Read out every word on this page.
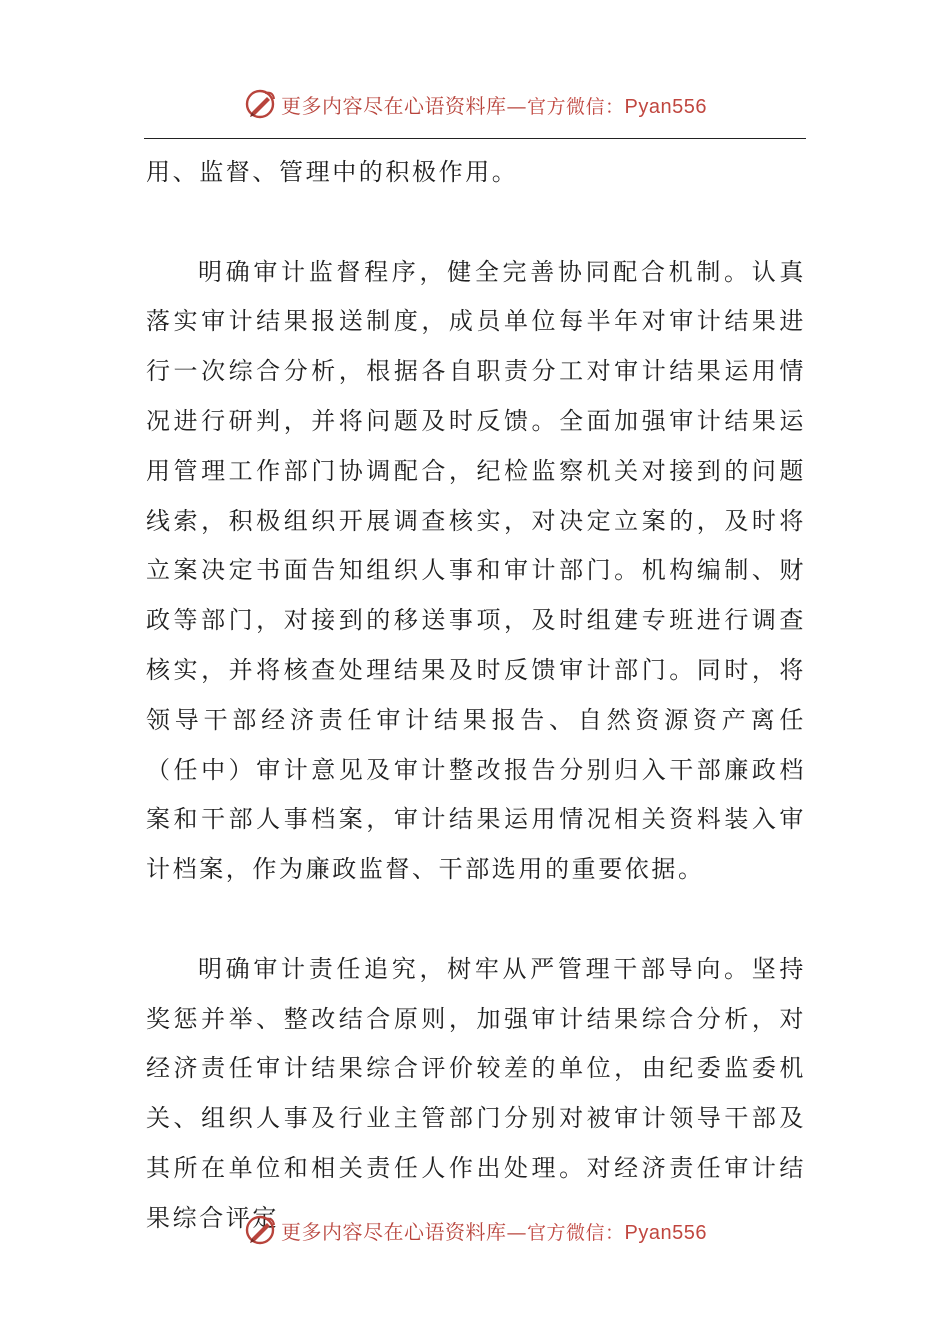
更多内容尽在心语资料库—官方微信：Pyan556

用、监督、管理中的积极作用。

明确审计监督程序，健全完善协同配合机制。认真落实审计结果报送制度，成员单位每半年对审计结果进行一次综合分析，根据各自职责分工对审计结果运用情况进行研判，并将问题及时反馈。全面加强审计结果运用管理工作部门协调配合，纪检监察机关对接到的问题线索，积极组织开展调查核实，对决定立案的，及时将立案决定书面告知组织人事和审计部门。机构编制、财政等部门，对接到的移送事项，及时组建专班进行调查核实，并将核查处理结果及时反馈审计部门。同时，将领导干部经济责任审计结果报告、自然资源资产离任（任中）审计意见及审计整改报告分别归入干部廉政档案和干部人事档案，审计结果运用情况相关资料装入审计档案，作为廉政监督、干部选用的重要依据。

明确审计责任追究，树牢从严管理干部导向。坚持奖惩并举、整改结合原则，加强审计结果综合分析，对经济责任审计结果综合评价较差的单位，由纪委监委机关、组织人事及行业主管部门分别对被审计领导干部及其所在单位和相关责任人作出处理。对经济责任审计结果综合评定 更多内容尽在心语资料库—官方微信：Pyan556
